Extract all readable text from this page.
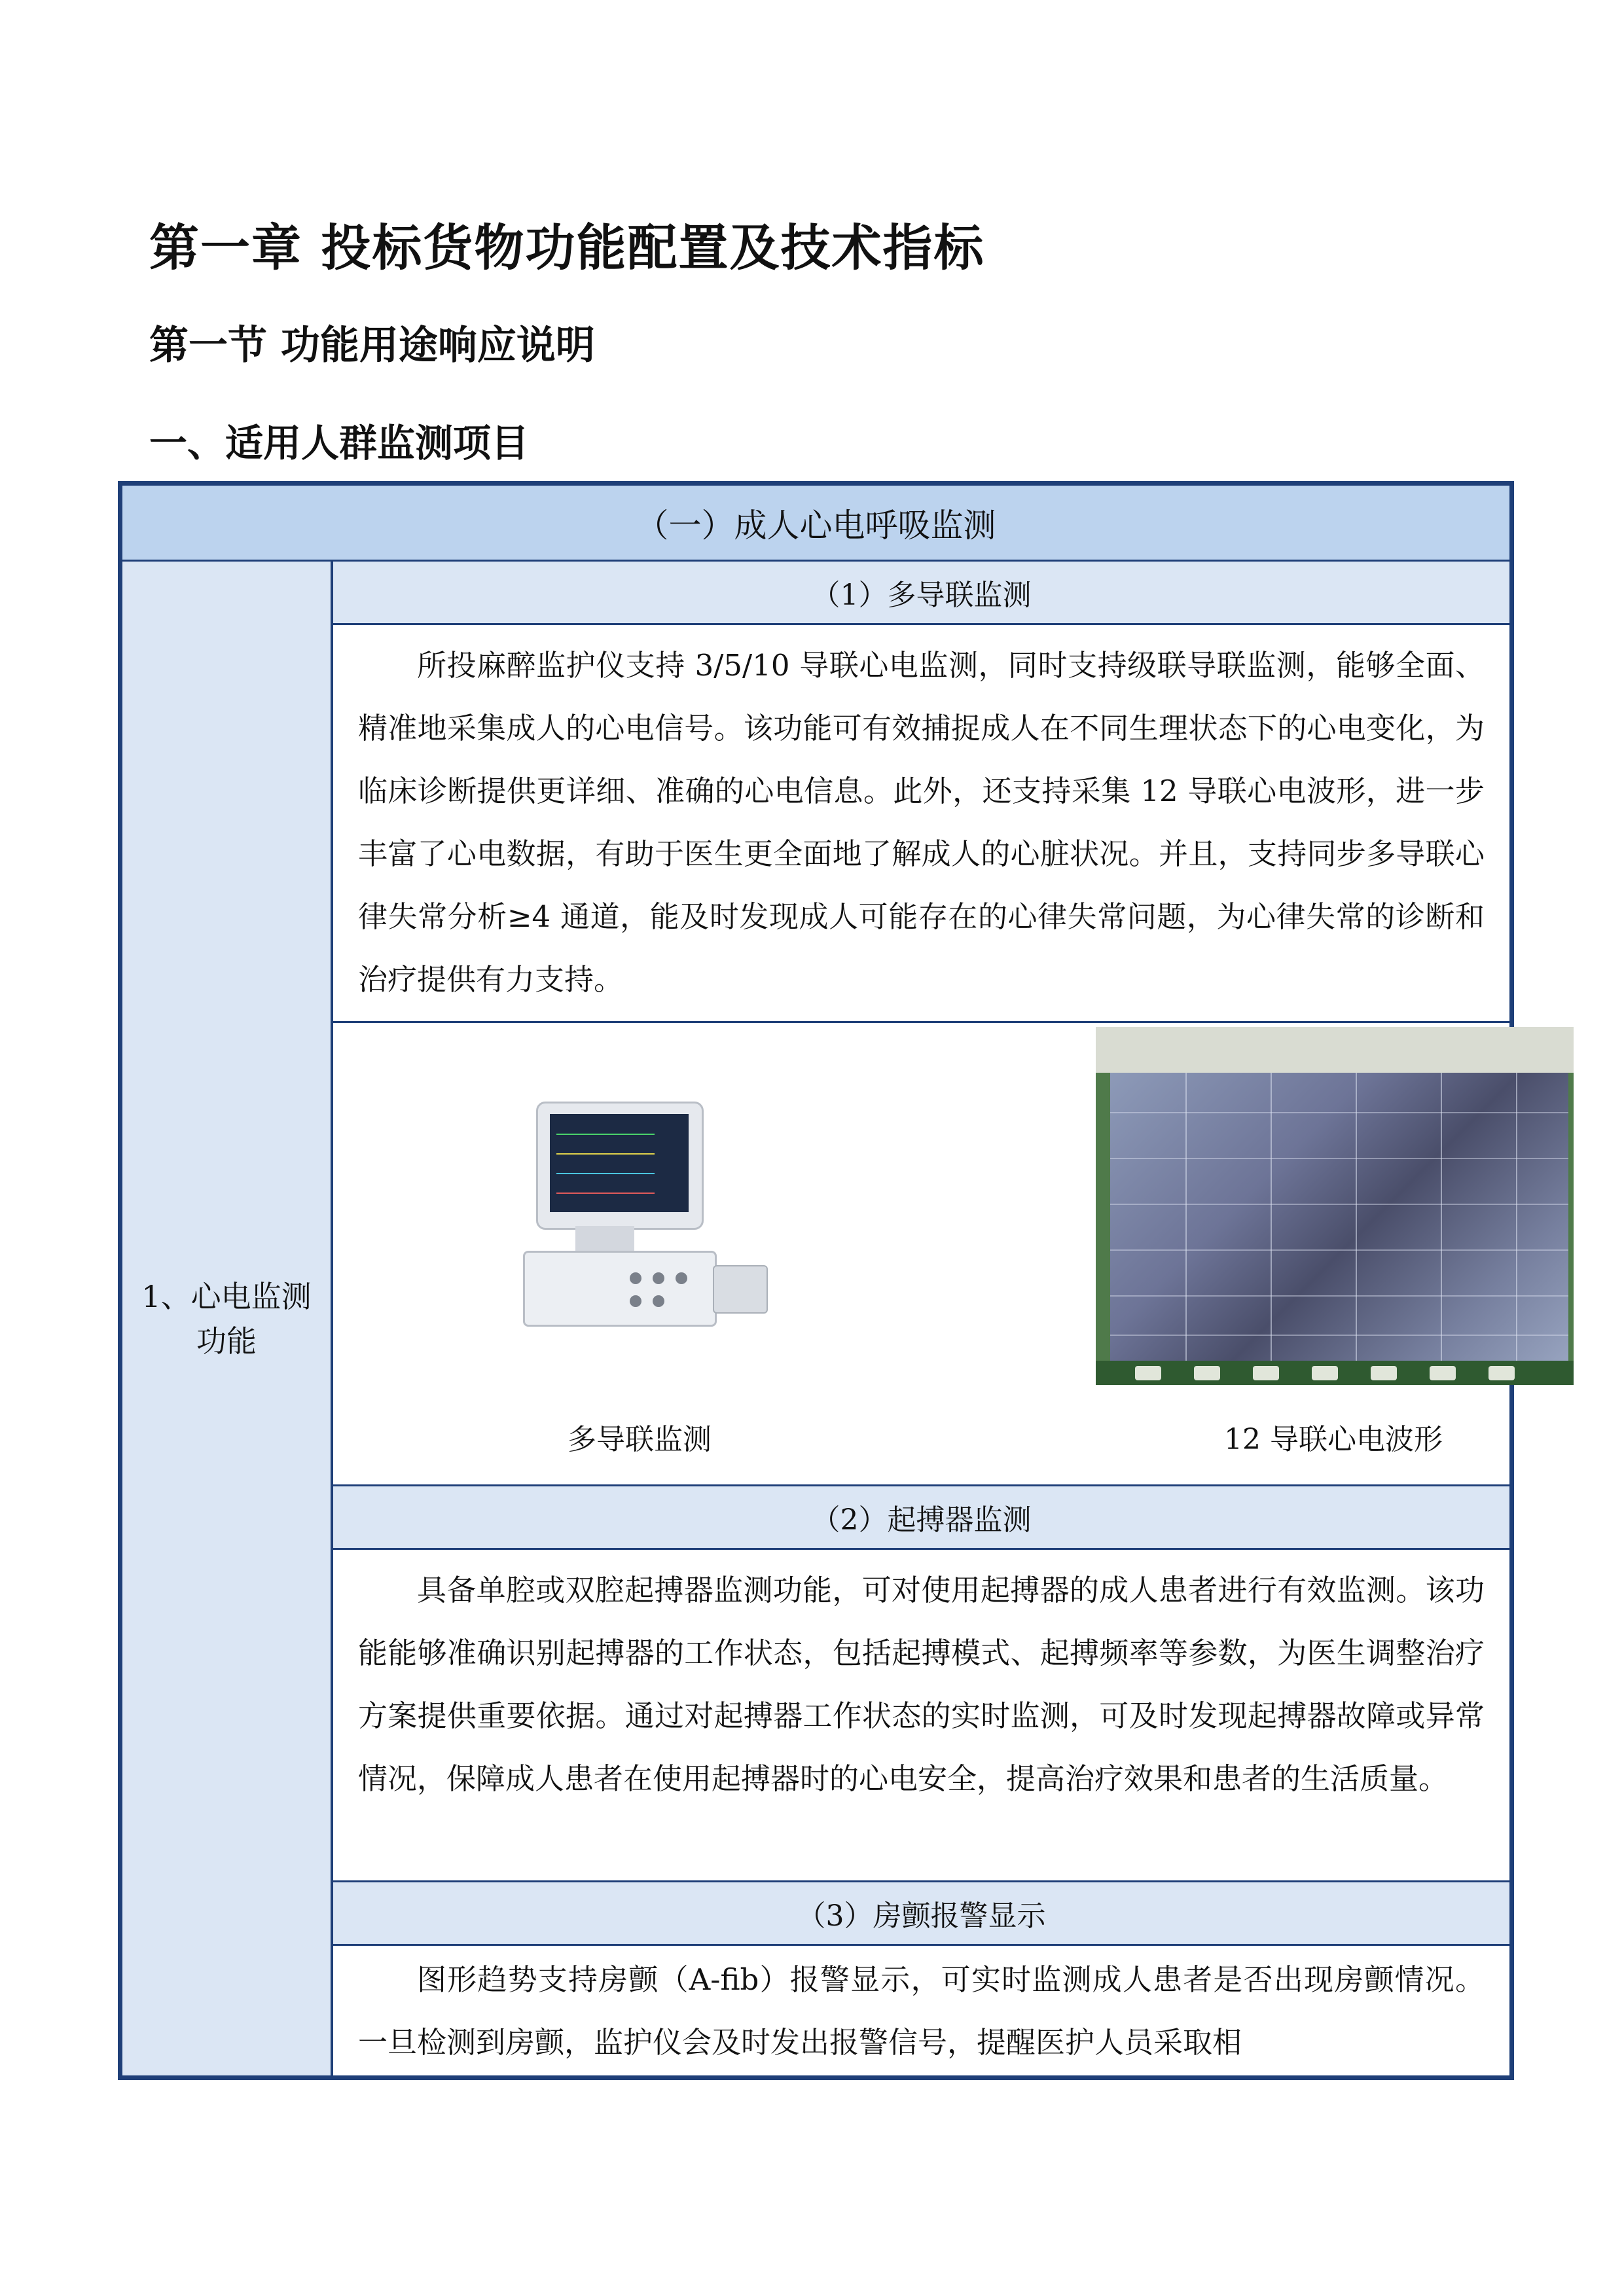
第一章 投标货物功能配置及技术指标
第一节 功能用途响应说明
一、适用人群监测项目
（一）成人心电呼吸监测
1、心电监测功能
（1）多导联监测
所投麻醉监护仪支持 3/5/10 导联心电监测，同时支持级联导联监测，能够全面、精准地采集成人的心电信号。该功能可有效捕捉成人在不同生理状态下的心电变化，为临床诊断提供更详细、准确的心电信息。此外，还支持采集 12 导联心电波形，进一步丰富了心电数据，有助于医生更全面地了解成人的心脏状况。并且，支持同步多导联心律失常分析≥4 通道，能及时发现成人可能存在的心律失常问题，为心律失常的诊断和治疗提供有力支持。
多导联监测	12 导联心电波形
（2）起搏器监测
具备单腔或双腔起搏器监测功能，可对使用起搏器的成人患者进行有效监测。该功能能够准确识别起搏器的工作状态，包括起搏模式、起搏频率等参数，为医生调整治疗方案提供重要依据。通过对起搏器工作状态的实时监测，可及时发现起搏器故障或异常情况，保障成人患者在使用起搏器时的心电安全，提高治疗效果和患者的生活质量。
（3）房颤报警显示
图形趋势支持房颤（A-fib）报警显示，可实时监测成人患者是否出现房颤情况。一旦检测到房颤，监护仪会及时发出报警信号，提醒医护人员采取相
